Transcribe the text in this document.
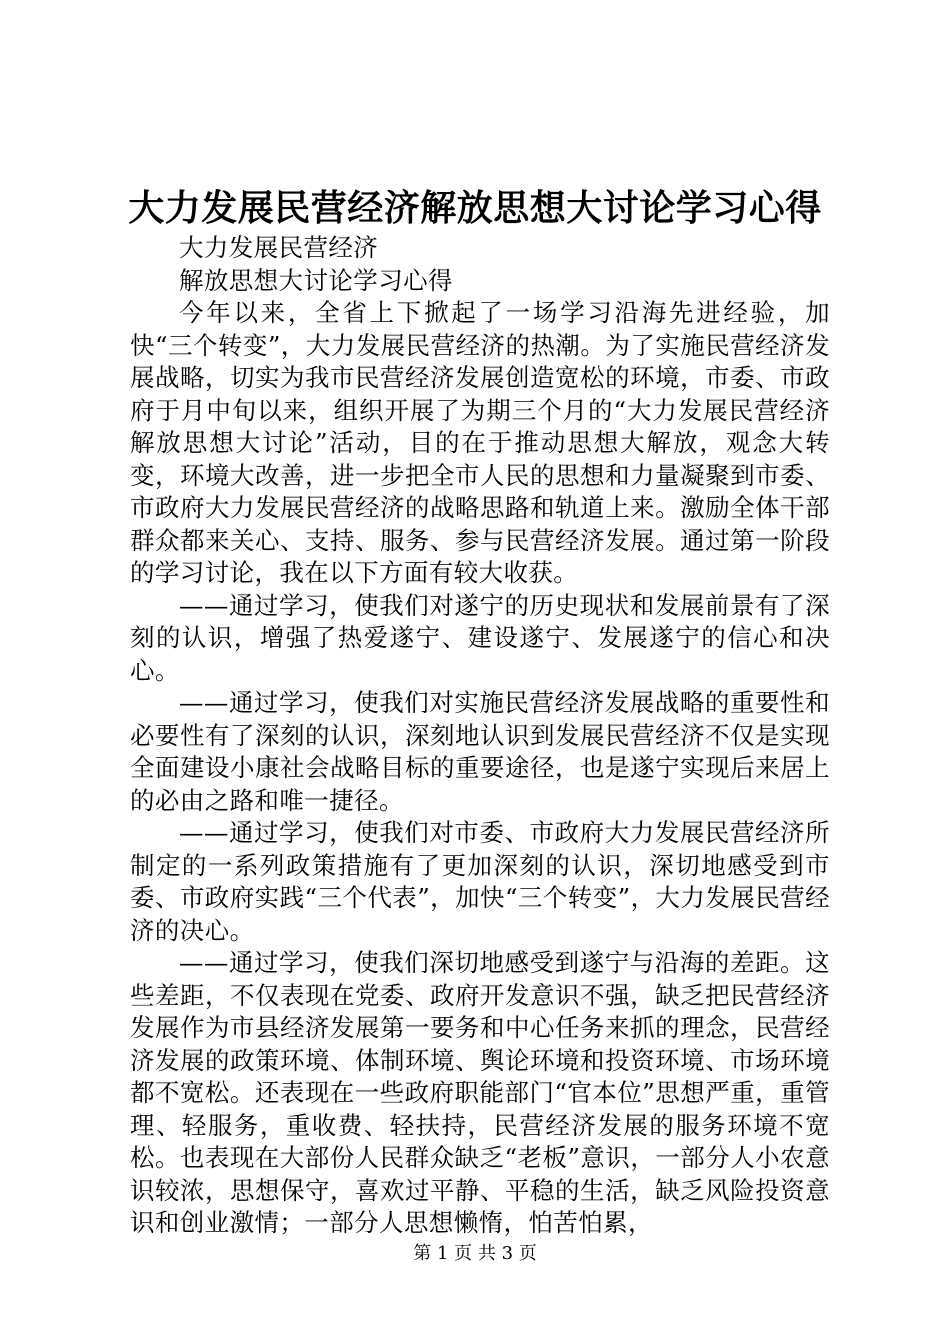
大力发展民营经济解放思想大讨论学习心得

大力发展民营经济

解放思想大讨论学习心得

今年以来，全省上下掀起了一场学习沿海先进经验，加快“三个转变”，大力发展民营经济的热潮。为了实施民营经济发展战略，切实为我市民营经济发展创造宽松的环境，市委、市政府于月中旬以来，组织开展了为期三个月的“大力发展民营经济解放思想大讨论”活动，目的在于推动思想大解放，观念大转变，环境大改善，进一步把全市人民的思想和力量凝聚到市委、市政府大力发展民营经济的战略思路和轨道上来。激励全体干部群众都来关心、支持、服务、参与民营经济发展。通过第一阶段的学习讨论，我在以下方面有较大收获。

——通过学习，使我们对遂宁的历史现状和发展前景有了深刻的认识，增强了热爱遂宁、建设遂宁、发展遂宁的信心和决心。

——通过学习，使我们对实施民营经济发展战略的重要性和必要性有了深刻的认识，深刻地认识到发展民营经济不仅是实现全面建设小康社会战略目标的重要途径，也是遂宁实现后来居上的必由之路和唯一捷径。

——通过学习，使我们对市委、市政府大力发展民营经济所制定的一系列政策措施有了更加深刻的认识，深切地感受到市委、市政府实践“三个代表”，加快“三个转变”，大力发展民营经济的决心。

——通过学习，使我们深切地感受到遂宁与沿海的差距。这些差距，不仅表现在党委、政府开发意识不强，缺乏把民营经济发展作为市县经济发展第一要务和中心任务来抓的理念，民营经济发展的政策环境、体制环境、舆论环境和投资环境、市场环境都不宽松。还表现在一些政府职能部门“官本位”思想严重，重管理、轻服务，重收费、轻扶持，民营经济发展的服务环境不宽松。也表现在大部份人民群众缺乏“老板”意识，一部分人小农意识较浓，思想保守，喜欢过平静、平稳的生活，缺乏风险投资意识和创业激情；一部分人思想懒惰，怕苦怕累，

第 1 页 共 3 页
